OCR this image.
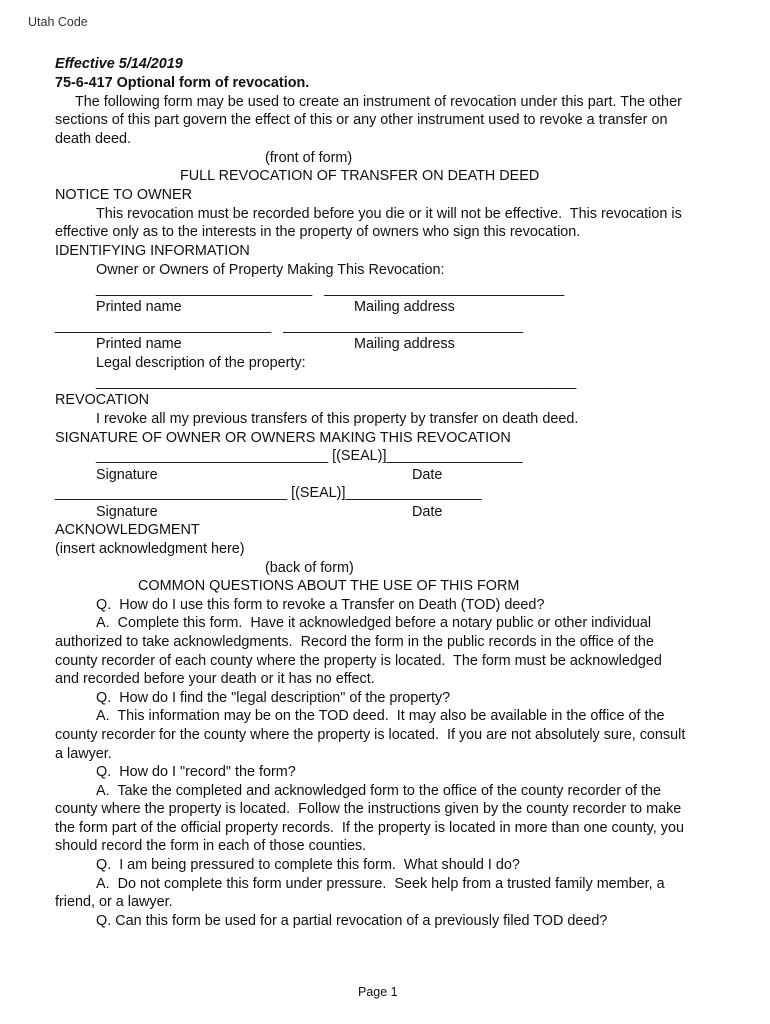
Utah Code
Effective 5/14/2019
75-6-417 Optional form of revocation.
The following form may be used to create an instrument of revocation under this part. The other
sections of this part govern the effect of this or any other instrument used to revoke a transfer on
death deed.
(front of form)
FULL REVOCATION OF TRANSFER ON DEATH DEED
NOTICE TO OWNER
This revocation must be recorded before you die or it will not be effective.  This revocation is
effective only as to the interests in the property of owners who sign this revocation.
IDENTIFYING INFORMATION
Owner or Owners of Property Making This Revocation:
___________________________   ______________________________
Printed name	Mailing address
___________________________   ______________________________
Printed name	Mailing address
Legal description of the property:
____________________________________________________________
REVOCATION
I revoke all my previous transfers of this property by transfer on death deed.
SIGNATURE OF OWNER OR OWNERS MAKING THIS REVOCATION
_____________________________ [(SEAL)]_________________
Signature	Date
_____________________________ [(SEAL)]_________________
Signature	Date
ACKNOWLEDGMENT
(insert acknowledgment here)
(back of form)
COMMON QUESTIONS ABOUT THE USE OF THIS FORM
Q.  How do I use this form to revoke a Transfer on Death (TOD) deed?
A.  Complete this form.  Have it acknowledged before a notary public or other individual
authorized to take acknowledgments.  Record the form in the public records in the office of the
county recorder of each county where the property is located.  The form must be acknowledged
and recorded before your death or it has no effect.
Q.  How do I find the "legal description" of the property?
A.  This information may be on the TOD deed.  It may also be available in the office of the
county recorder for the county where the property is located.  If you are not absolutely sure, consult
a lawyer.
Q.  How do I "record" the form?
A.  Take the completed and acknowledged form to the office of the county recorder of the
county where the property is located.  Follow the instructions given by the county recorder to make
the form part of the official property records.  If the property is located in more than one county, you
should record the form in each of those counties.
Q.  I am being pressured to complete this form.  What should I do?
A.  Do not complete this form under pressure.  Seek help from a trusted family member, a
friend, or a lawyer.
Q. Can this form be used for a partial revocation of a previously filed TOD deed?
Page 1
